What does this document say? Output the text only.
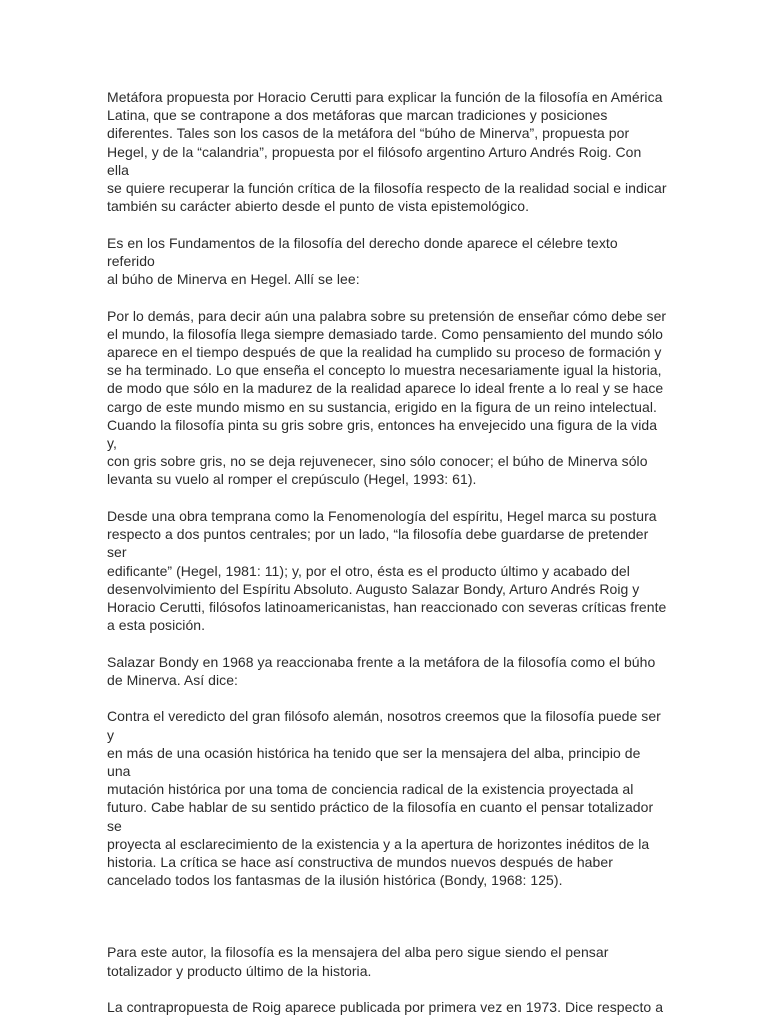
Metáfora propuesta por Horacio Cerutti para explicar la función de la filosofía en América
Latina, que se contrapone a dos metáforas que marcan tradiciones y posiciones
diferentes. Tales son los casos de la metáfora del “búho de Minerva”, propuesta por
Hegel, y de la “calandria”, propuesta por el filósofo argentino Arturo Andrés Roig. Con ella
se quiere recuperar la función crítica de la filosofía respecto de la realidad social e indicar
también su carácter abierto desde el punto de vista epistemológico.

Es en los Fundamentos de la filosofía del derecho donde aparece el célebre texto referido
al búho de Minerva en Hegel. Allí se lee:

Por lo demás, para decir aún una palabra sobre su pretensión de enseñar cómo debe ser
el mundo, la filosofía llega siempre demasiado tarde. Como pensamiento del mundo sólo
aparece en el tiempo después de que la realidad ha cumplido su proceso de formación y
se ha terminado. Lo que enseña el concepto lo muestra necesariamente igual la historia,
de modo que sólo en la madurez de la realidad aparece lo ideal frente a lo real y se hace
cargo de este mundo mismo en su sustancia, erigido en la figura de un reino intelectual.
Cuando la filosofía pinta su gris sobre gris, entonces ha envejecido una figura de la vida y,
con gris sobre gris, no se deja rejuvenecer, sino sólo conocer; el búho de Minerva sólo
levanta su vuelo al romper el crepúsculo (Hegel, 1993: 61).

Desde una obra temprana como la Fenomenología del espíritu, Hegel marca su postura
respecto a dos puntos centrales; por un lado, “la filosofía debe guardarse de pretender ser
edificante” (Hegel, 1981: 11); y, por el otro, ésta es el producto último y acabado del
desenvolvimiento del Espíritu Absoluto. Augusto Salazar Bondy, Arturo Andrés Roig y
Horacio Cerutti, filósofos latinoamericanistas, han reaccionado con severas críticas frente
a esta posición.

Salazar Bondy en 1968 ya reaccionaba frente a la metáfora de la filosofía como el búho
de Minerva. Así dice:

Contra el veredicto del gran filósofo alemán, nosotros creemos que la filosofía puede ser y
en más de una ocasión histórica ha tenido que ser la mensajera del alba, principio de una
mutación histórica por una toma de conciencia radical de la existencia proyectada al
futuro. Cabe hablar de su sentido práctico de la filosofía en cuanto el pensar totalizador se
proyecta al esclarecimiento de la existencia y a la apertura de horizontes inéditos de la
historia. La crítica se hace así constructiva de mundos nuevos después de haber
cancelado todos los fantasmas de la ilusión histórica (Bondy, 1968: 125).

Para este autor, la filosofía es la mensajera del alba pero sigue siendo el pensar
totalizador y producto último de la historia.

La contrapropuesta de Roig aparece publicada por primera vez en 1973. Dice respecto a
